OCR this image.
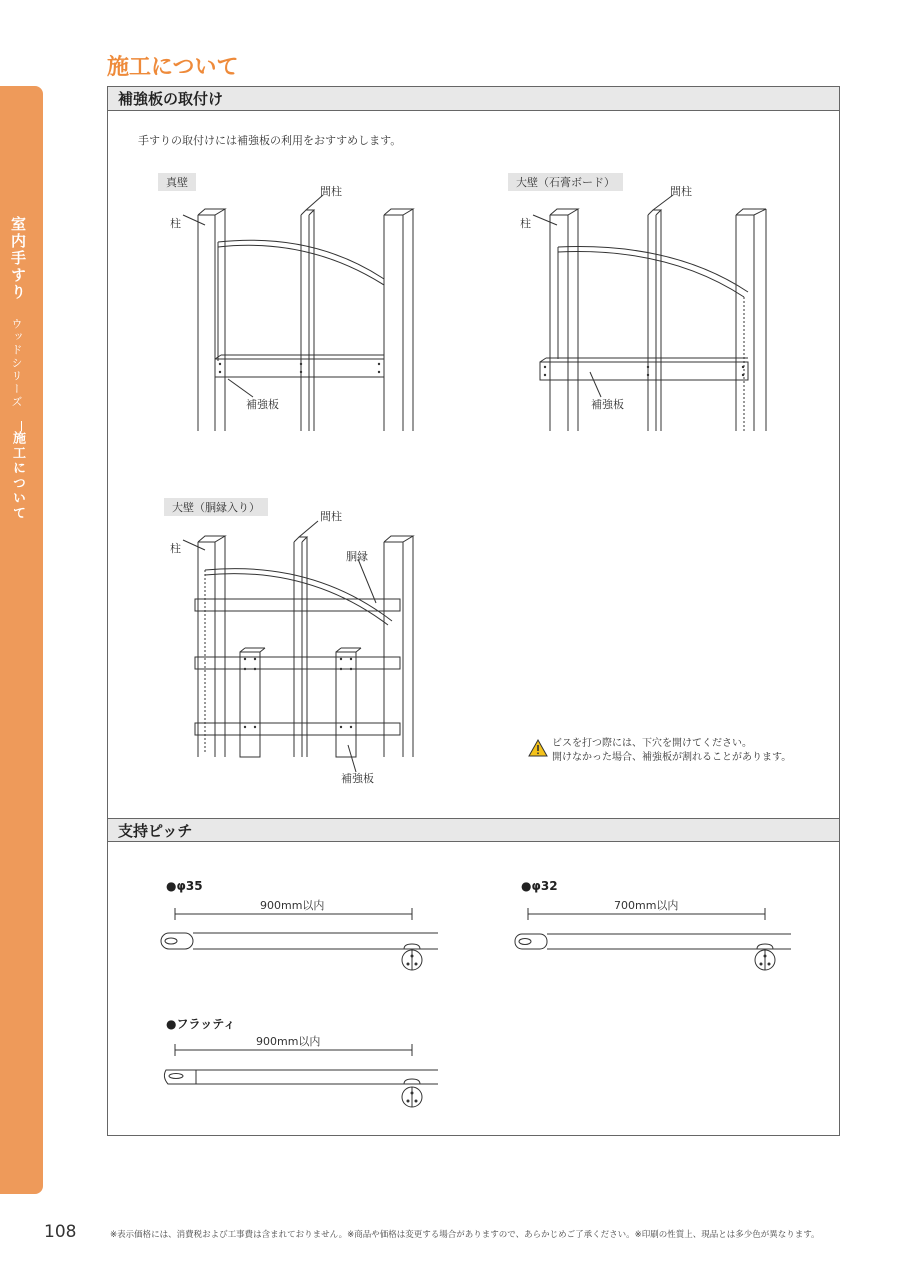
室内手すり
ウッドシリーズ
施工について
施工について
補強板の取付け
手すりの取付けには補強板の利用をおすすめします。
真壁
柱
間柱
補強板
大壁（石膏ボード）
柱
間柱
補強板
大壁（胴縁入り）
柱
間柱
胴縁
補強板
ビスを打つ際には、下穴を開けてください。
開けなかった場合、補強板が割れることがあります。
支持ピッチ
●φ35
900mm以内
●φ32
700mm以内
●フラッティ
900mm以内
108	※表示価格には、消費税および工事費は含まれておりません。※商品や価格は変更する場合がありますので、あらかじめご了承ください。※印刷の性質上、現品とは多少色が異なります。
